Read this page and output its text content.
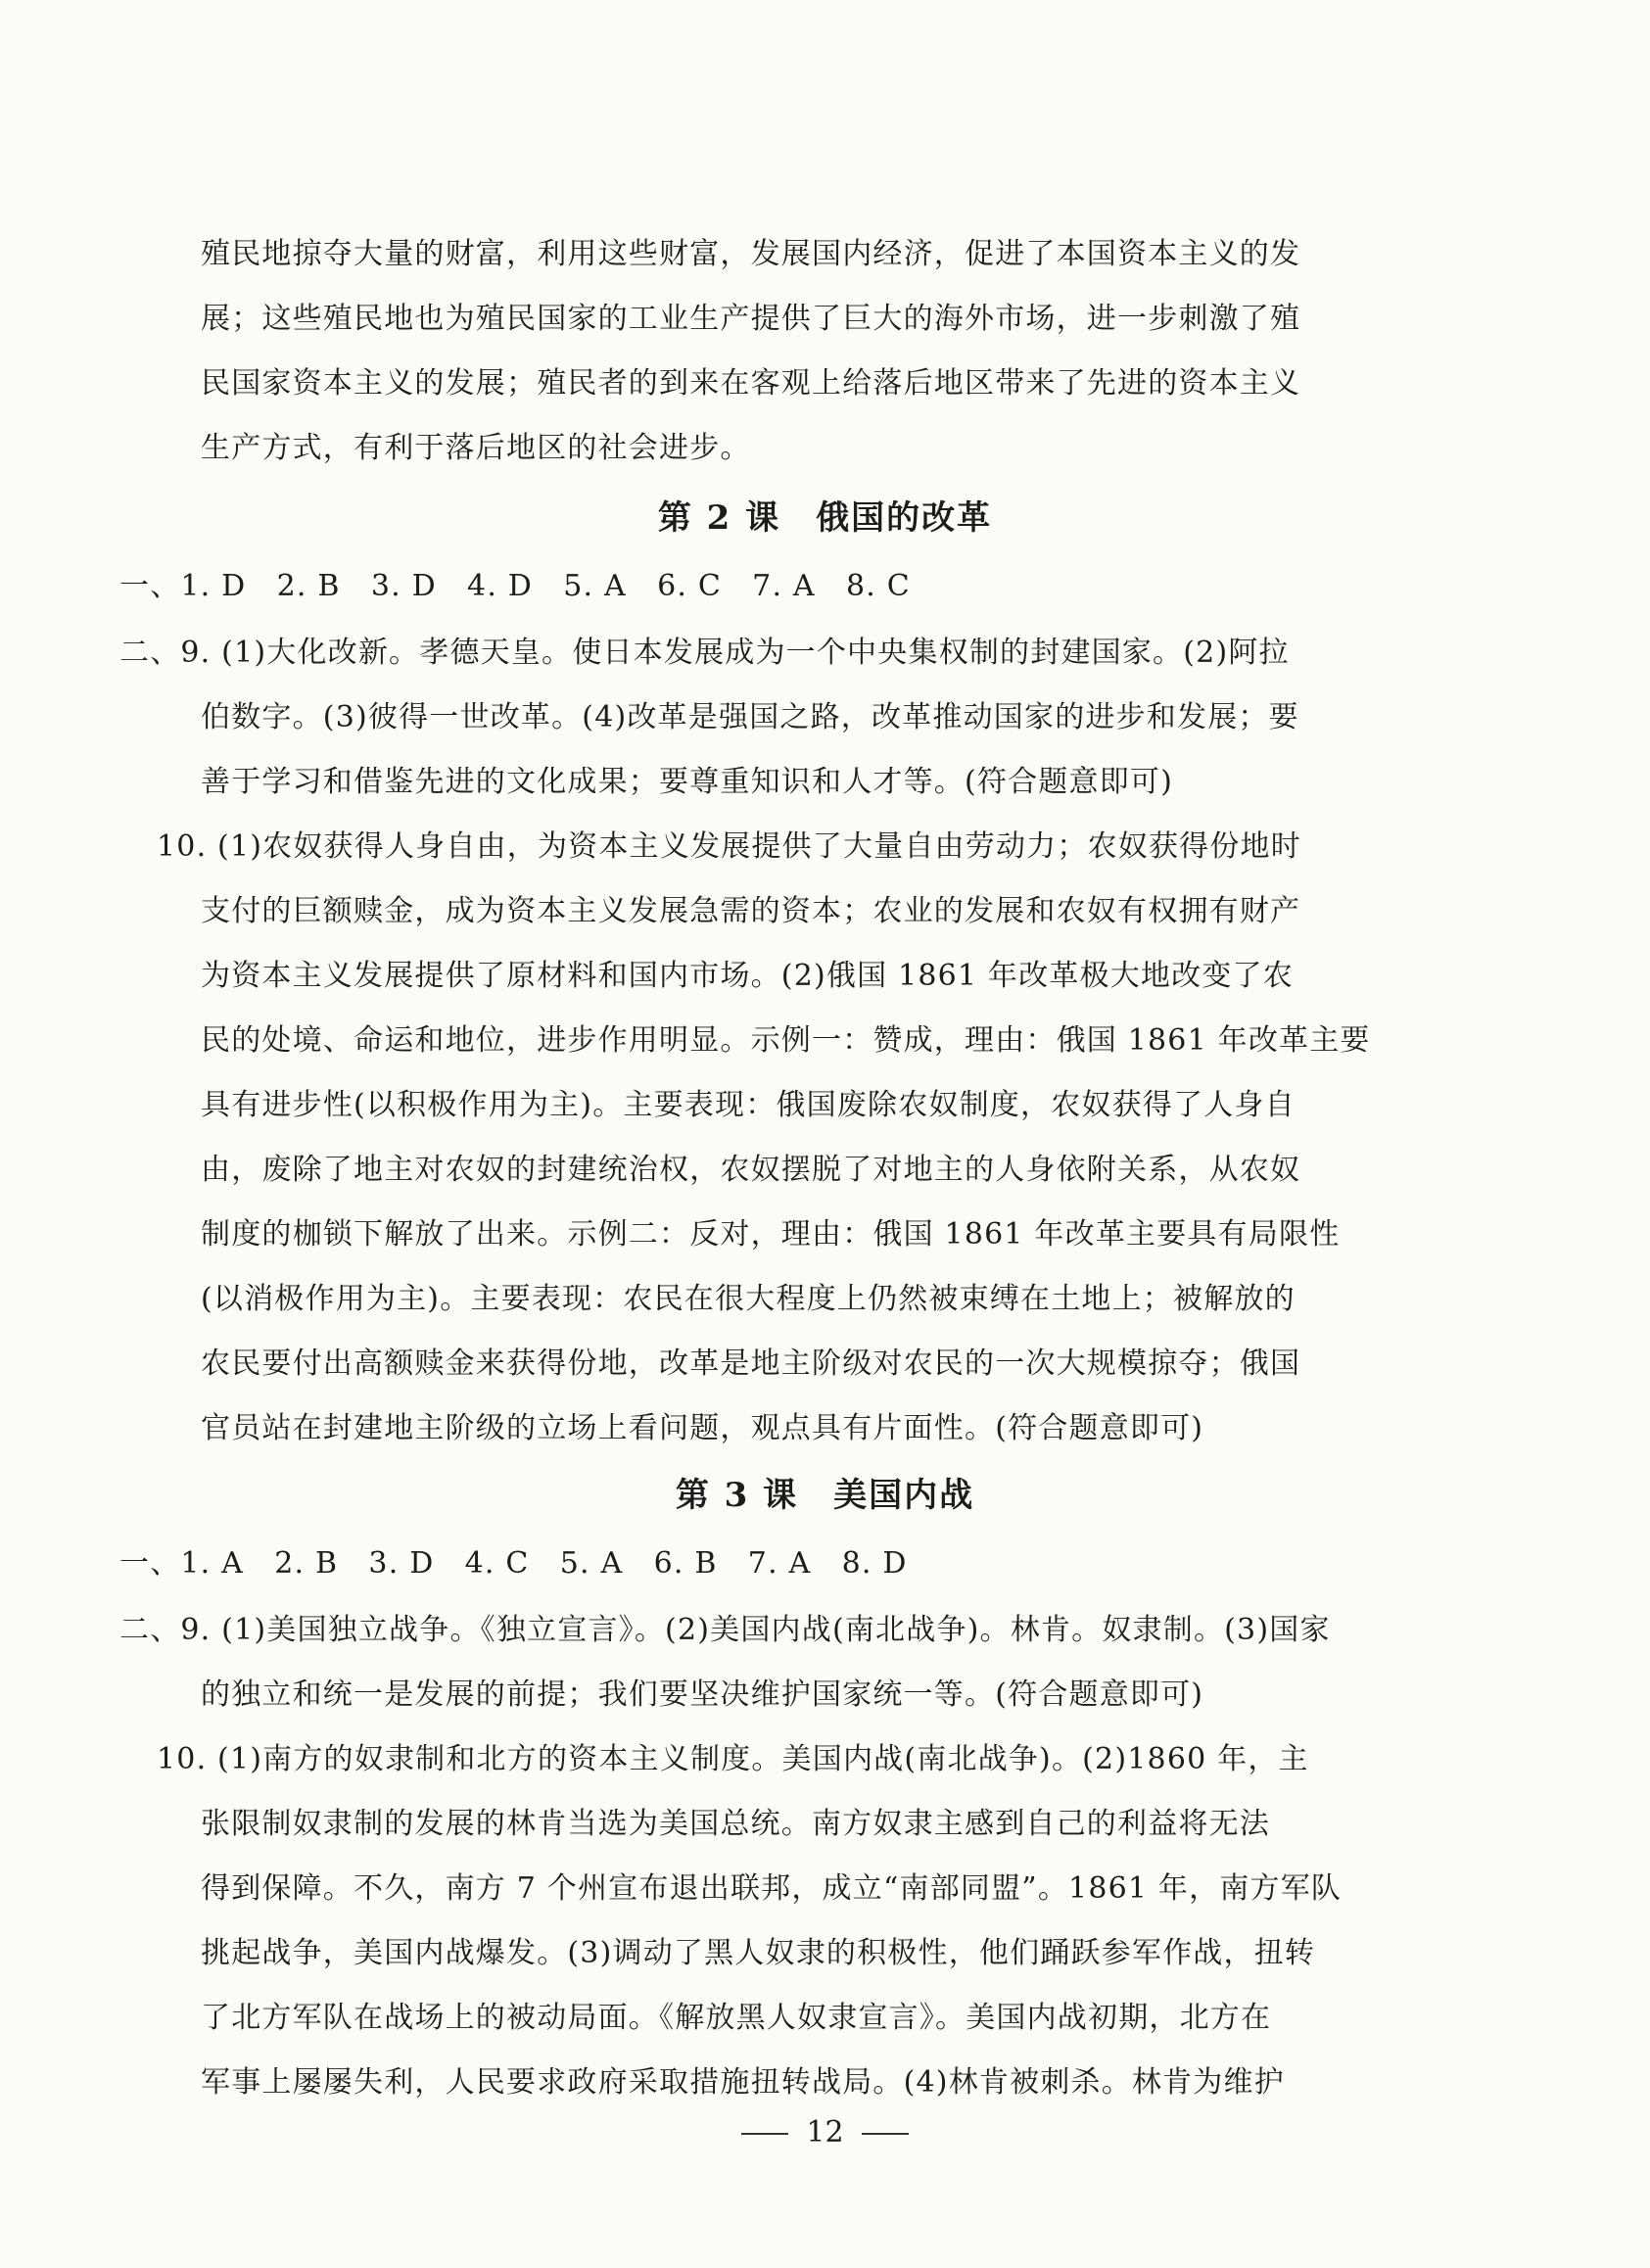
殖民地掠夺大量的财富，利用这些财富，发展国内经济，促进了本国资本主义的发
展；这些殖民地也为殖民国家的工业生产提供了巨大的海外市场，进一步刺激了殖
民国家资本主义的发展；殖民者的到来在客观上给落后地区带来了先进的资本主义
生产方式，有利于落后地区的社会进步。
第 2 课　俄国的改革
一、1. D　2. B　3. D　4. D　5. A　6. C　7. A　8. C
二、9. (1)大化改新。孝德天皇。使日本发展成为一个中央集权制的封建国家。(2)阿拉
伯数字。(3)彼得一世改革。(4)改革是强国之路，改革推动国家的进步和发展；要
善于学习和借鉴先进的文化成果；要尊重知识和人才等。(符合题意即可)
10. (1)农奴获得人身自由，为资本主义发展提供了大量自由劳动力；农奴获得份地时
支付的巨额赎金，成为资本主义发展急需的资本；农业的发展和农奴有权拥有财产
为资本主义发展提供了原材料和国内市场。(2)俄国 1861 年改革极大地改变了农
民的处境、命运和地位，进步作用明显。示例一：赞成，理由：俄国 1861 年改革主要
具有进步性(以积极作用为主)。主要表现：俄国废除农奴制度，农奴获得了人身自
由，废除了地主对农奴的封建统治权，农奴摆脱了对地主的人身依附关系，从农奴
制度的枷锁下解放了出来。示例二：反对，理由：俄国 1861 年改革主要具有局限性
(以消极作用为主)。主要表现：农民在很大程度上仍然被束缚在土地上；被解放的
农民要付出高额赎金来获得份地，改革是地主阶级对农民的一次大规模掠夺；俄国
官员站在封建地主阶级的立场上看问题，观点具有片面性。(符合题意即可)
第 3 课　美国内战
一、1. A　2. B　3. D　4. C　5. A　6. B　7. A　8. D
二、9. (1)美国独立战争。《独立宣言》。(2)美国内战(南北战争)。林肯。奴隶制。(3)国家
的独立和统一是发展的前提；我们要坚决维护国家统一等。(符合题意即可)
10. (1)南方的奴隶制和北方的资本主义制度。美国内战(南北战争)。(2)1860 年，主
张限制奴隶制的发展的林肯当选为美国总统。南方奴隶主感到自己的利益将无法
得到保障。不久，南方 7 个州宣布退出联邦，成立“南部同盟”。1861 年，南方军队
挑起战争，美国内战爆发。(3)调动了黑人奴隶的积极性，他们踊跃参军作战，扭转
了北方军队在战场上的被动局面。《解放黑人奴隶宣言》。美国内战初期，北方在
军事上屡屡失利，人民要求政府采取措施扭转战局。(4)林肯被刺杀。林肯为维护
12
